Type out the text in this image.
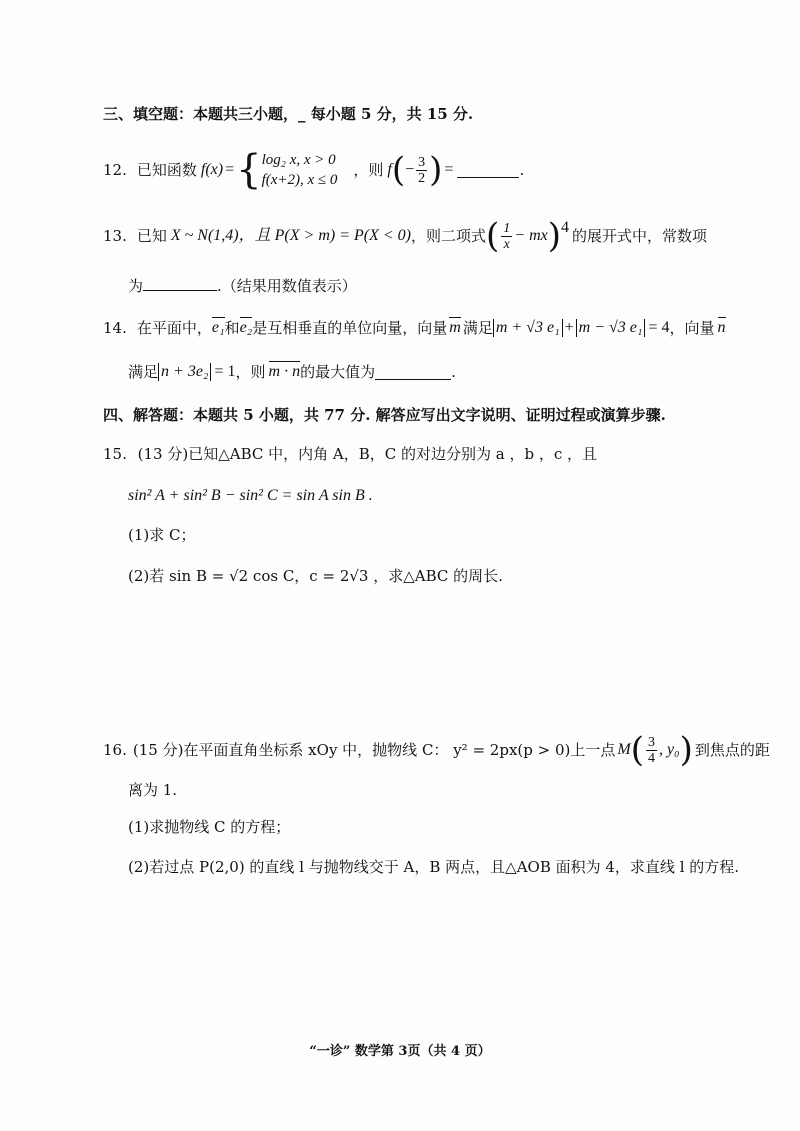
三、填空题：本题共三小题，_ 每小题 5 分，共 15 分.
12. 已知函数 f(x) = { log₂ x, x > 0
f(x+2), x ≤ 0
，则 f ( − $\frac{3}{2}$ ) =	.
13. 已知 X ~ N(1,4) ，且 P(X > m) = P(X < 0) ，则二项式 ( $\frac{1}{x}$ − mx ) 4 的展开式中，常数项
为	.（结果用数值表示）
14. 在平面中， e₁ 和 e₂ 是互相垂直的单位向量，向量 m 满足 m + √3 e₁ + m − √3 e₁ = 4 ，向量 n
满足 n + 3e₂ = 1 ，则 m · n 的最大值为	.
四、解答题：本题共 5 小题，共 77 分. 解答应写出文字说明、证明过程或演算步骤.
15. (13 分)已知△ABC 中，内角 A，B，C 的对边分别为 a ，b ，c ，且
sin² A + sin² B − sin² C = sin A sin B .
(1)求 C；
(2)若 sin B = √2 cos C，c = 2√3 ，求△ABC 的周长.
16. (15 分)在平面直角坐标系 xOy 中，抛物线 C： y² = 2px(p > 0)上一点 M ( $\frac{3}{4}$ , y₀ ) 到焦点的距
离为 1.
(1)求抛物线 C 的方程；
(2)若过点 P(2,0) 的直线 l 与抛物线交于 A，B 两点，且△AOB 面积为 4，求直线 l 的方程.
“一诊” 数学第 3页（共 4 页）
